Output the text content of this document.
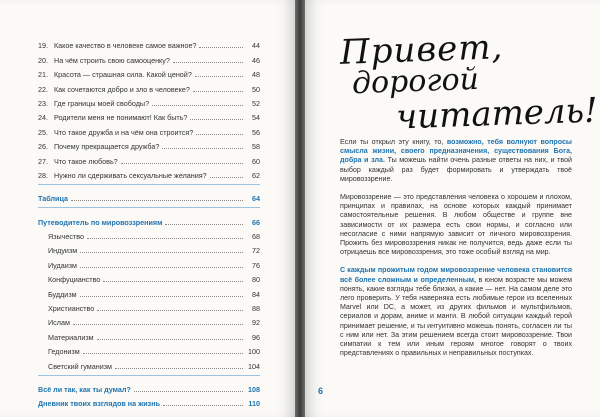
19. Какое качество в человеке самое важное?	44
20. На чём строить свою самооценку?	46
21. Красота — страшная сила. Какой ценой?	48
22. Как сочетаются добро и зло в человеке?	50
23. Где границы моей свободы?	52
24. Родители меня не понимают! Как быть?	54
25. Что такое дружба и на чём она строится?	56
26. Почему прекращается дружба?	58
27. Что такое любовь?	60
28. Нужно ли сдерживать сексуальные желания?	62
Таблица	64
Путеводитель по мировоззрениям	66
Язычество	68
Индуизм	72
Иудаизм	76
Конфуцианство	80
Буддизм	84
Христианство	88
Ислам	92
Материализм	96
Гедонизм	100
Светский гуманизм	104
Всё ли так, как ты думал?	108
Дневник твоих взглядов на жизнь	110
Привет,
дорогой
читатель!

Если ты открыл эту книгу, то, возможно, тебя волнуют вопросы смысла жизни, своего предназначения, существования Бога, добра и зла. Ты можешь найти очень разные ответы на них, и твой выбор каждый раз будет формировать и утверждать твоё мировоззрение.

Мировоззрение — это представления человека о хорошем и плохом, принципах и правилах, на основе которых каждый принимает самостоятельные решения. В любом обществе и группе вне зависимости от их размера есть свои нормы, и согласно или несогласие с ними напрямую зависит от личного мировоззрения. Прожить без мировоззрения никак не получится, ведь даже если ты отрицаешь все мировоззрения, это тоже особый взгляд на мир.

С каждым прожитым годом мировоззрение человека становится всё более сложным и определенным, в юном возрасте мы можем понять, какие взгляды тебе близки, а какие — нет. На самом деле это лего проверить. У тебя наверняка есть любимые герои из вселенных Marvel или DC, а может, из других фильмов и мультфильмов, сериалов и дорам, аниме и манги. В любой ситуации каждый герой принимает решение, и ты интуитивно можешь понять, согласен ли ты с ним или нет. За этим решением всегда стоит мировоззрение. Твои симпатии к тем или иным героям многое говорят о твоих представлениях о правильных и неправильных поступках.

6
